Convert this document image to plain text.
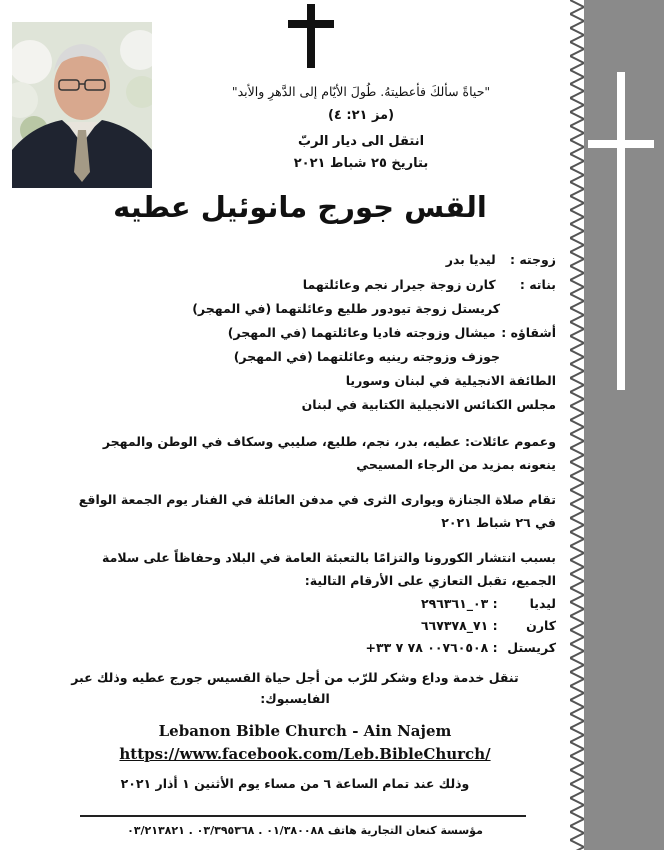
"حياةً سألكَ فأعطيتهُ. طُولَ الأيّام إلى الدَّهرِ والأبد"
(مز ٢١: ٤)
انتقل الى ديار الربّ
بتاريخ ٢٥ شباط ٢٠٢١
القس جورج مانوئيل عطيه
زوجته : ليديا بدر
بناته : كارن زوجة جيرار نجم وعائلتهما
كريستل زوجة تيودور طليع وعائلتهما (في المهجر)
أشقاؤه : ميشال وزوجته فاديا وعائلتهما (في المهجر)
جوزف وزوجته رينيه وعائلتهما (في المهجر)
الطائفة الانجيلية في لبنان وسوريا
مجلس الكنائس الانجيلية الكتابية في لبنان
وعموم عائلات: عطيه، بدر، نجم، طليع، صليبي وسكاف في الوطن والمهجر
ينعونه بمزيد من الرجاء المسيحي
تقام صلاة الجنازة ويوارى الثرى في مدفن العائلة في الفنار يوم الجمعة الواقع
في ٢٦ شباط ٢٠٢١
بسبب انتشار الكورونا والتزامًا بالتعبئة العامة في البلاد وحفاظاً على سلامة
الجميع، تقبل التعازي على الأرقام التالية:
ليديا : ٠٣_٢٩٦٣٦١
كارن : ٧١_٦٦٧٣٧٨
كريستل : ٠٠٧٦٠٥٠٨ ٧٨ ٧ ٣٣+
تنقل خدمة وداع وشكر للرّب من أجل حياة القسيس جورج عطيه وذلك عبر
الفايسبوك:
Lebanon Bible Church - Ain Najem
https://www.facebook.com/Leb.BibleChurch/
وذلك عند تمام الساعة ٦ من مساء يوم الأثنين ١ أذار ٢٠٢١
مؤسسة كنعان التجارية هاتف ٠١/٣٨٠٠٨٨ . ٠٣/٣٩٥٣٦٨ . ٠٣/٢١٣٨٢١
